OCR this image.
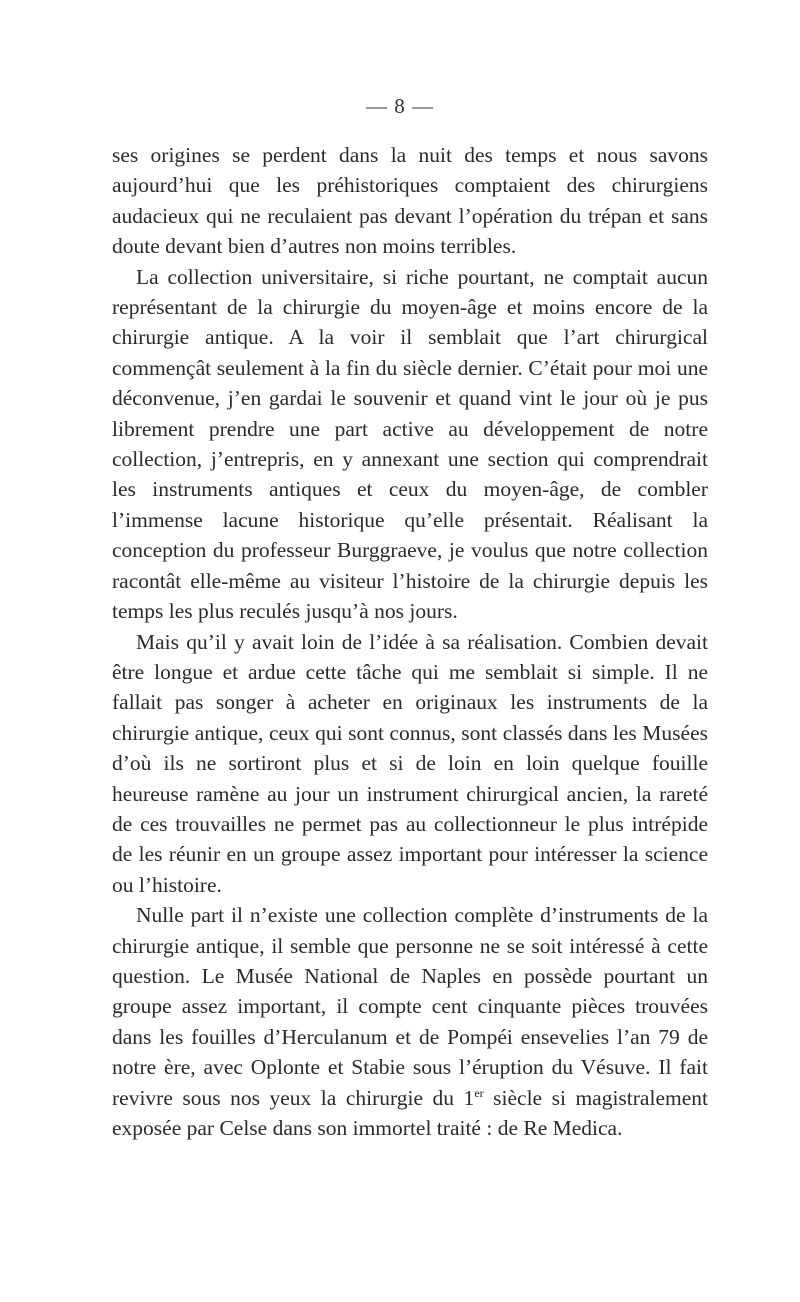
— 8 —

ses origines se perdent dans la nuit des temps et nous savons aujourd’hui que les préhistoriques comptaient des chirurgiens audacieux qui ne reculaient pas devant l’opération du trépan et sans doute devant bien d’autres non moins terribles.

La collection universitaire, si riche pourtant, ne comptait aucun représentant de la chirurgie du moyen-âge et moins encore de la chirurgie antique. A la voir il semblait que l’art chirurgical commençât seulement à la fin du siècle dernier. C’était pour moi une déconvenue, j’en gardai le souvenir et quand vint le jour où je pus librement prendre une part active au développement de notre collection, j’entrepris, en y annexant une section qui comprendrait les instruments antiques et ceux du moyen-âge, de combler l’immense lacune historique qu’elle présentait. Réalisant la conception du professeur Burggraeve, je voulus que notre collection racontât elle-même au visiteur l’histoire de la chirurgie depuis les temps les plus reculés jusqu’à nos jours.

Mais qu’il y avait loin de l’idée à sa réalisation. Combien devait être longue et ardue cette tâche qui me semblait si simple. Il ne fallait pas songer à acheter en originaux les instruments de la chirurgie antique, ceux qui sont connus, sont classés dans les Musées d’où ils ne sortiront plus et si de loin en loin quelque fouille heureuse ramène au jour un instrument chirurgical ancien, la rareté de ces trouvailles ne permet pas au collectionneur le plus intrépide de les réunir en un groupe assez important pour intéresser la science ou l’histoire.

Nulle part il n’existe une collection complète d’instruments de la chirurgie antique, il semble que personne ne se soit intéressé à cette question. Le Musée National de Naples en possède pourtant un groupe assez important, il compte cent cinquante pièces trouvées dans les fouilles d’Herculanum et de Pompéi ensevelies l’an 79 de notre ère, avec Oplonte et Stabie sous l’éruption du Vésuve. Il fait revivre sous nos yeux la chirurgie du 1er siècle si magistralement exposée par Celse dans son immortel traité : de Re Medica.
